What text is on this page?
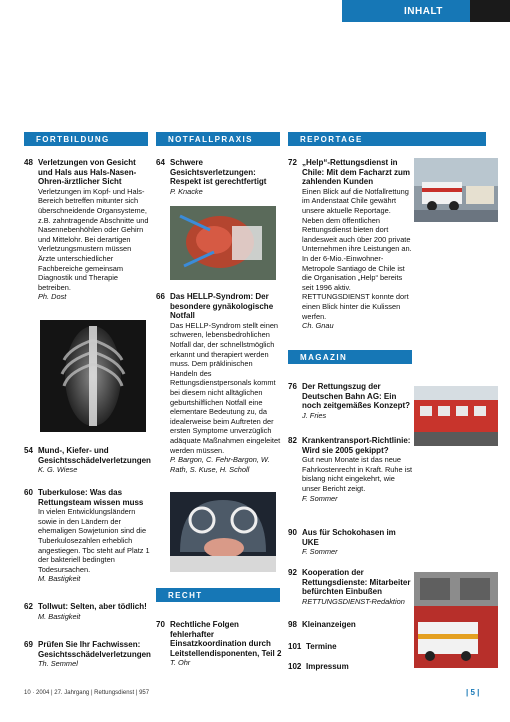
INHALT
FORTBILDUNG	NOTFALLPRAXIS	REPORTAGE
MAGAZIN
RECHT
48 Verletzungen von Gesicht und Hals aus Hals-Nasen-Ohren-ärztlicher Sicht
Verletzungen im Kopf- und Hals-Bereich betreffen mitunter sich überschneidende Organsysteme, z.B. zahntragende Abschnitte und Nasennebenhöhlen oder Gehirn und Mittelohr. Bei derartigen Verletzungsmustern müssen Ärzte unterschiedlicher Fachbereiche gemeinsam Diagnostik und Therapie betreiben.
Ph. Dost
54 Mund-, Kiefer- und Gesichtsschädelverletzungen
K. G. Wiese
60 Tuberkulose: Was das Rettungsteam wissen muss
In vielen Entwicklungsländern sowie in den Ländern der ehemaligen Sowjetunion sind die Tuberkulosezahlen erheblich angestiegen. Tbc steht auf Platz 1 der bakteriell bedingten Todesursachen.
M. Bastigkeit
62 Tollwut: Selten, aber tödlich!
M. Bastigkeit
69 Prüfen Sie Ihr Fachwissen: Gesichtsschädelverletzungen
Th. Semmel
64 Schwere Gesichtsverletzungen: Respekt ist gerechtfertigt
P. Knacke
66 Das HELLP-Syndrom: Der besondere gynäkologische Notfall
Das HELLP-Syndrom stellt einen schweren, lebensbedrohlichen Notfall dar, der schnellstmöglich erkannt und therapiert werden muss. Dem präklinischen Handeln des Rettungsdienstpersonals kommt bei diesem nicht alltäglichen geburtshilflichen Notfall eine elementare Bedeutung zu, da idealerweise beim Auftreten der ersten Symptome unverzüglich adäquate Maßnahmen eingeleitet werden müssen.
P. Bargon, C. Fehr-Bargon, W. Rath, S. Kuse, H. Scholl
70 Rechtliche Folgen fehlerhafter Einsatzkoordination durch Leitstellendisponenten, Teil 2
T. Ohr
72 „Help“-Rettungsdienst in Chile: Mit dem Facharzt zum zahlenden Kunden
Einen Blick auf die Notfallrettung im Andenstaat Chile gewährt unsere aktuelle Reportage. Neben dem öffentlichen Rettungsdienst bieten dort landesweit auch über 200 private Unternehmen ihre Leistungen an. In der 6-Mio.-Einwohner-Metropole Santiago de Chile ist die Organisation „Help“ bereits seit 1996 aktiv. RETTUNGSDIENST konnte dort einen Blick hinter die Kulissen werfen.
Ch. Gnau
76 Der Rettungszug der Deutschen Bahn AG: Ein noch zeitgemäßes Konzept?
J. Fries
82 Krankentransport-Richtlinie: Wird sie 2005 gekippt?
Gut neun Monate ist das neue Fahrkostenrecht in Kraft. Ruhe ist bislang nicht eingekehrt, wie unser Bericht zeigt.
F. Sommer
90 Aus für Schokohasen im UKE
F. Sommer
92 Kooperation der Rettungsdienste: Mitarbeiter befürchten Einbußen
RETTUNGSDIENST-Redaktion
98 Kleinanzeigen
101 Termine
102 Impressum
10 · 2004 | 27. Jahrgang | Rettungsdienst | 957	| 5 |
